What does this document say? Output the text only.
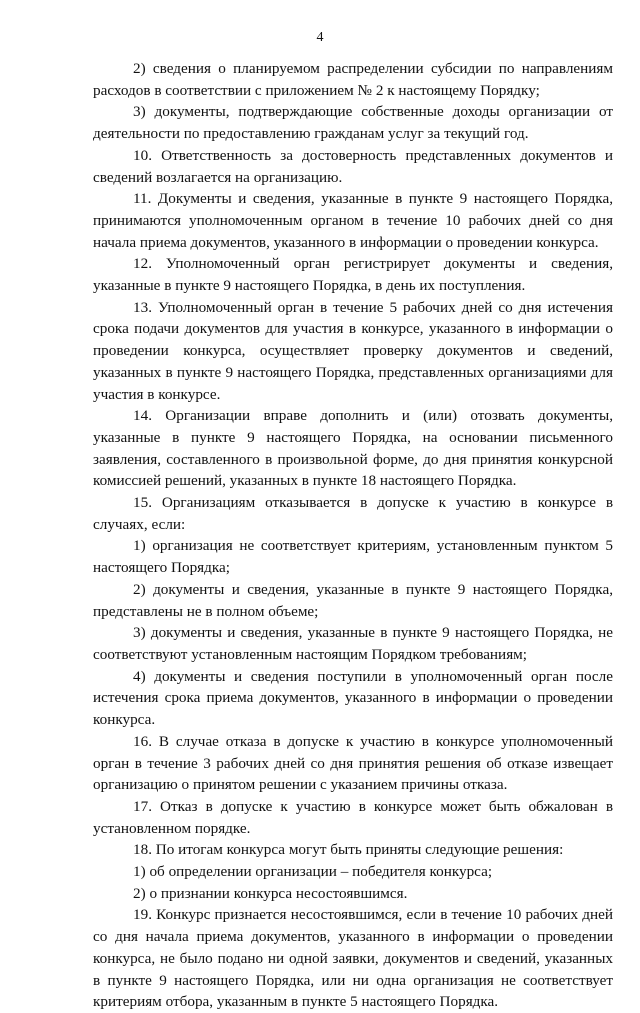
4

2) сведения о планируемом распределении субсидии по направлениям расходов в соответствии с приложением № 2 к настоящему Порядку;

3) документы, подтверждающие собственные доходы организации от деятельности по предоставлению гражданам услуг за текущий год.

10. Ответственность за достоверность представленных документов и сведений возлагается на организацию.

11. Документы и сведения, указанные в пункте 9 настоящего Порядка, принимаются уполномоченным органом в течение 10 рабочих дней со дня начала приема документов, указанного в информации о проведении конкурса.

12. Уполномоченный орган регистрирует документы и сведения, указанные в пункте 9 настоящего Порядка, в день их поступления.

13. Уполномоченный орган в течение 5 рабочих дней со дня истечения срока подачи документов для участия в конкурсе, указанного в информации о проведении конкурса, осуществляет проверку документов и сведений, указанных в пункте 9 настоящего Порядка, представленных организациями для участия в конкурсе.

14. Организации вправе дополнить и (или) отозвать документы, указанные в пункте 9 настоящего Порядка, на основании письменного заявления, составленного в произвольной форме, до дня принятия конкурсной комиссией решений, указанных в пункте 18 настоящего Порядка.

15. Организациям отказывается в допуске к участию в конкурсе в случаях, если:

1) организация не соответствует критериям, установленным пунктом 5 настоящего Порядка;

2) документы и сведения, указанные в пункте 9 настоящего Порядка, представлены не в полном объеме;

3) документы и сведения, указанные в пункте 9 настоящего Порядка, не соответствуют установленным настоящим Порядком требованиям;

4) документы и сведения поступили в уполномоченный орган после истечения срока приема документов, указанного в информации о проведении конкурса.

16. В случае отказа в допуске к участию в конкурсе уполномоченный орган в течение 3 рабочих дней со дня принятия решения об отказе извещает организацию о принятом решении с указанием причины отказа.

17. Отказ в допуске к участию в конкурсе может быть обжалован в установленном порядке.

18. По итогам конкурса могут быть приняты следующие решения:

1) об определении организации – победителя конкурса;

2) о признании конкурса несостоявшимся.

19. Конкурс признается несостоявшимся, если в течение 10 рабочих дней со дня начала приема документов, указанного в информации о проведении конкурса, не было подано ни одной заявки, документов и сведений, указанных в пункте 9 настоящего Порядка, или ни одна организация не соответствует критериям отбора, указанным в пункте 5 настоящего Порядка.
